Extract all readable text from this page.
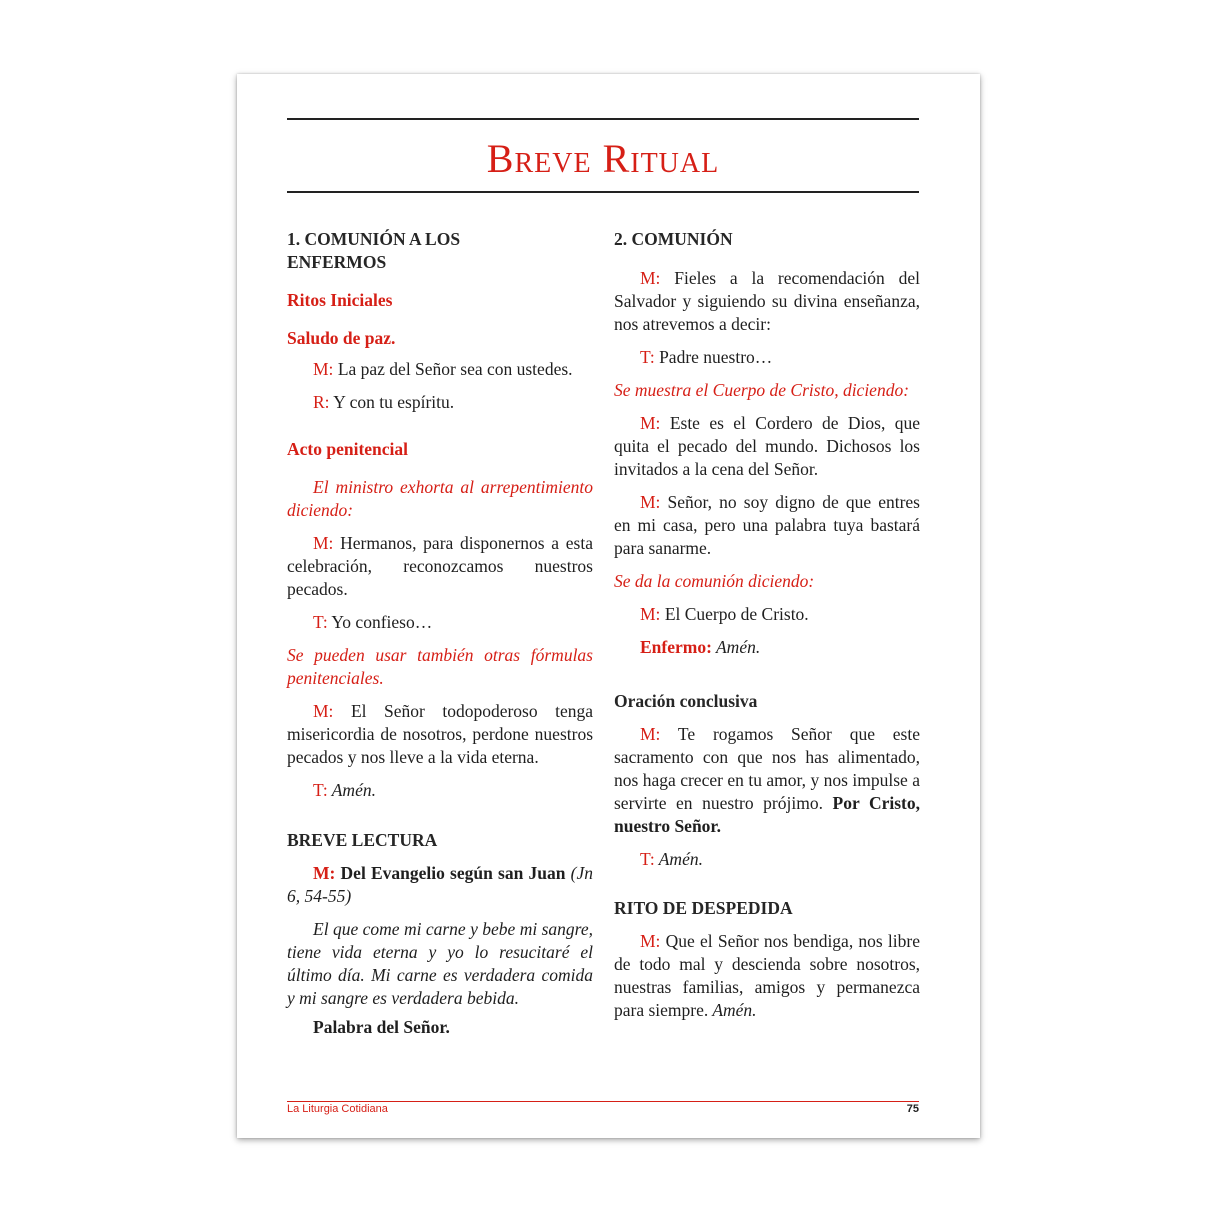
Breve Ritual

1. COMUNIÓN A LOS ENFERMOS

Ritos Iniciales

Saludo de paz.

M: La paz del Señor sea con ustedes.

R: Y con tu espíritu.

Acto penitencial

El ministro exhorta al arrepentimiento diciendo:

M: Hermanos, para disponernos a esta celebración, reconozcamos nuestros pecados.

T: Yo confieso…

Se pueden usar también otras fórmulas penitenciales.

M: El Señor todopoderoso tenga misericordia de nosotros, perdone nuestros pecados y nos lleve a la vida eterna.

T: Amén.

BREVE LECTURA

M: Del Evangelio según san Juan (Jn 6, 54-55)

El que come mi carne y bebe mi sangre, tiene vida eterna y yo lo resucitaré el último día. Mi carne es verdadera comida y mi sangre es verdadera bebida.

Palabra del Señor.

2. COMUNIÓN

M: Fieles a la recomendación del Salvador y siguiendo su divina enseñanza, nos atrevemos a decir:

T: Padre nuestro…

Se muestra el Cuerpo de Cristo, diciendo:

M: Este es el Cordero de Dios, que quita el pecado del mundo. Dichosos los invitados a la cena del Señor.

M: Señor, no soy digno de que entres en mi casa, pero una palabra tuya bastará para sanarme.

Se da la comunión diciendo:

M: El Cuerpo de Cristo.

Enfermo: Amén.

Oración conclusiva

M: Te rogamos Señor que este sacramento con que nos has alimentado, nos haga crecer en tu amor, y nos impulse a servirte en nuestro prójimo. Por Cristo, nuestro Señor.

T: Amén.

RITO DE DESPEDIDA

M: Que el Señor nos bendiga, nos libre de todo mal y descienda sobre nosotros, nuestras familias, amigos y permanezca para siempre. Amén.

La Liturgia Cotidiana	75
